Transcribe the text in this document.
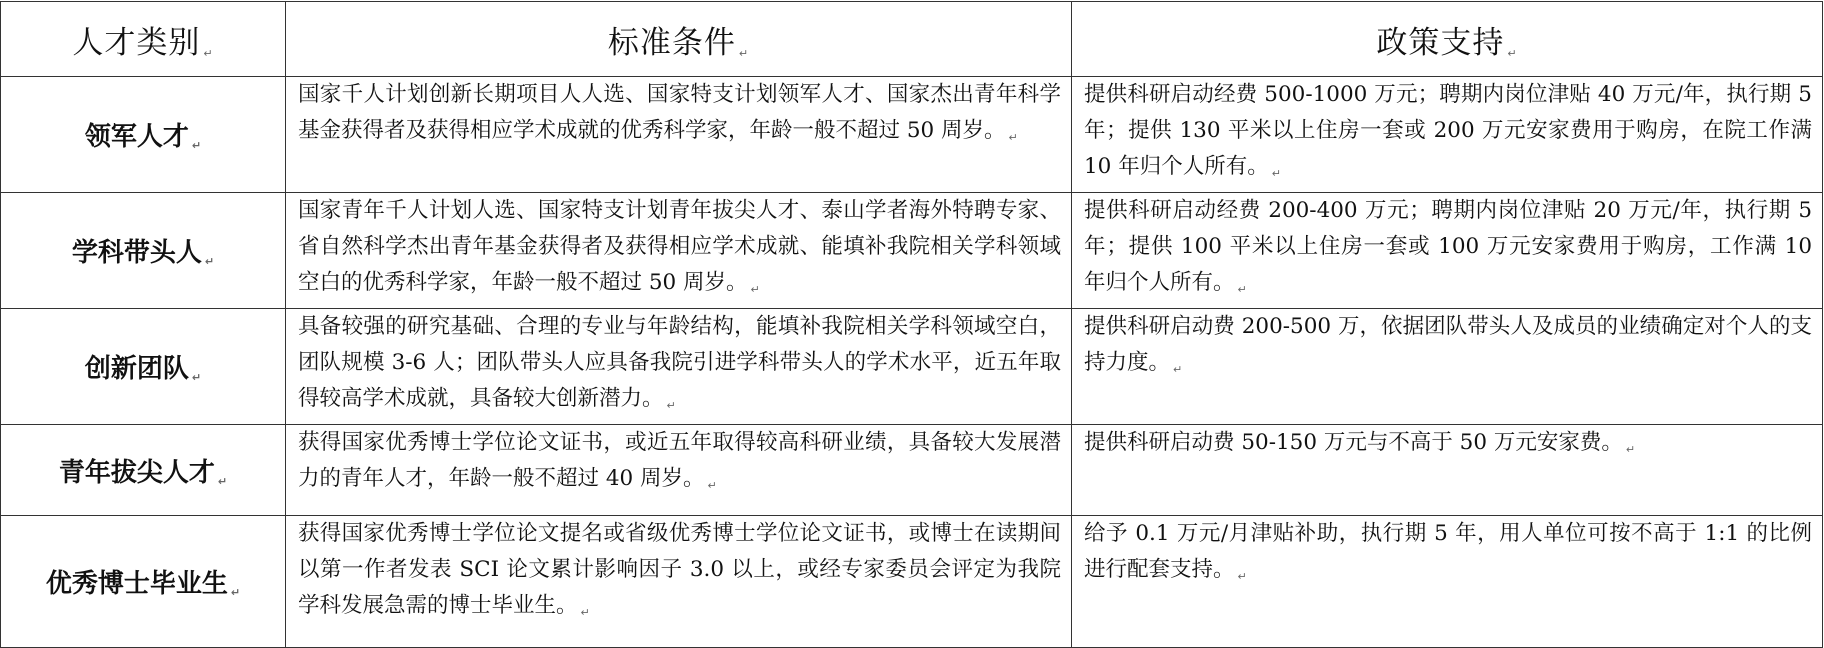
人才类别 ↵	标准条件 ↵	政策支持 ↵
领军人才 ↵	国家千人计划创新长期项目人人选、国家特支计划领军人才、国家杰出青年科学基金获得者及获得相应学术成就的优秀科学家，年龄一般不超过 50 周岁。 ↵	提供科研启动经费 500-1000 万元；聘期内岗位津贴 40 万元/年，执行期 5 年；提供 130 平米以上住房一套或 200 万元安家费用于购房，在院工作满 10 年归个人所有。 ↵
学科带头人 ↵	国家青年千人计划人选、国家特支计划青年拔尖人才、泰山学者海外特聘专家、省自然科学杰出青年基金获得者及获得相应学术成就、能填补我院相关学科领域空白的优秀科学家，年龄一般不超过 50 周岁。 ↵	提供科研启动经费 200-400 万元；聘期内岗位津贴 20 万元/年，执行期 5 年；提供 100 平米以上住房一套或 100 万元安家费用于购房，工作满 10 年归个人所有。 ↵
创新团队 ↵	具备较强的研究基础、合理的专业与年龄结构，能填补我院相关学科领域空白，团队规模 3-6 人；团队带头人应具备我院引进学科带头人的学术水平，近五年取得较高学术成就，具备较大创新潜力。 ↵	提供科研启动费 200-500 万，依据团队带头人及成员的业绩确定对个人的支持力度。 ↵
青年拔尖人才 ↵	获得国家优秀博士学位论文证书，或近五年取得较高科研业绩，具备较大发展潜力的青年人才，年龄一般不超过 40 周岁。 ↵	提供科研启动费 50-150 万元与不高于 50 万元安家费。 ↵
优秀博士毕业生 ↵	获得国家优秀博士学位论文提名或省级优秀博士学位论文证书，或博士在读期间以第一作者发表 SCI 论文累计影响因子 3.0 以上，或经专家委员会评定为我院学科发展急需的博士毕业生。 ↵	给予 0.1 万元/月津贴补助，执行期 5 年，用人单位可按不高于 1:1 的比例进行配套支持。 ↵
